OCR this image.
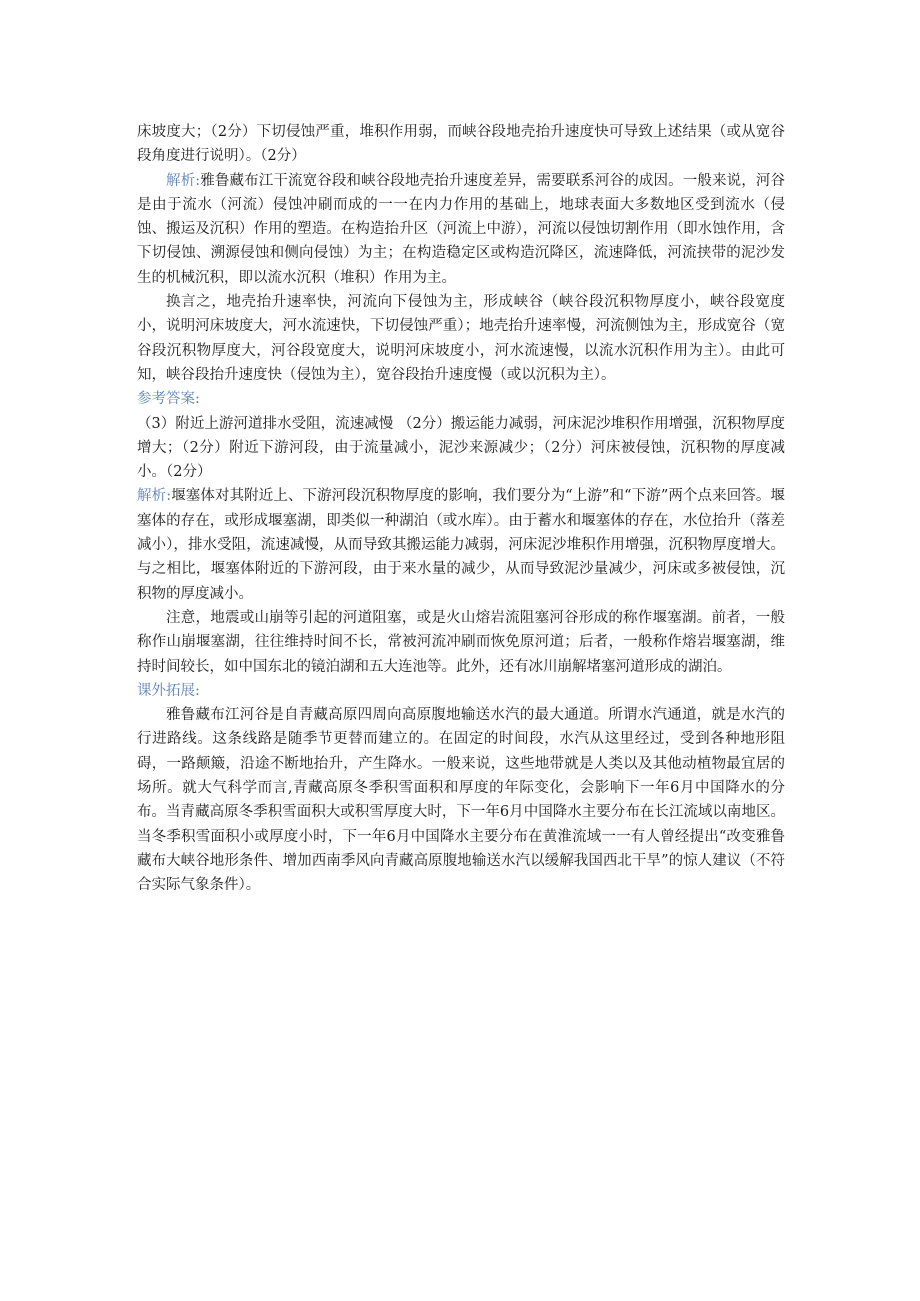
床坡度大；（2分）下切侵蚀严重，堆积作用弱，而峡谷段地壳抬升速度快可导致上述结果（或从宽谷段角度进行说明）。（2分）

解析:雅鲁藏布江干流宽谷段和峡谷段地壳抬升速度差异，需要联系河谷的成因。一般来说，河谷是由于流水（河流）侵蚀冲刷而成的一一在内力作用的基础上，地球表面大多数地区受到流水（侵蚀、搬运及沉积）作用的塑造。在构造抬升区（河流上中游），河流以侵蚀切割作用（即水蚀作用，含下切侵蚀、溯源侵蚀和侧向侵蚀）为主；在构造稳定区或构造沉降区，流速降低，河流挟带的泥沙发生的机械沉积，即以流水沉积（堆积）作用为主。

换言之，地壳抬升速率快，河流向下侵蚀为主，形成峡谷（峡谷段沉积物厚度小，峡谷段宽度小，说明河床坡度大，河水流速快，下切侵蚀严重）；地壳抬升速率慢，河流侧蚀为主，形成宽谷（宽谷段沉积物厚度大，河谷段宽度大，说明河床坡度小，河水流速慢，以流水沉积作用为主）。由此可知，峡谷段抬升速度快（侵蚀为主），宽谷段抬升速度慢（或以沉积为主）。

参考答案:

（3）附近上游河道排水受阻，流速减慢 （2分）搬运能力减弱，河床泥沙堆积作用增强，沉积物厚度增大；（2分）附近下游河段，由于流量减小，泥沙来源减少；（2分）河床被侵蚀，沉积物的厚度减小。（2分）

解析:堰塞体对其附近上、下游河段沉积物厚度的影响，我们要分为“上游”和“下游”两个点来回答。堰塞体的存在，或形成堰塞湖，即类似一种湖泊（或水库）。由于蓄水和堰塞体的存在，水位抬升（落差减小），排水受阻，流速减慢，从而导致其搬运能力减弱，河床泥沙堆积作用增强，沉积物厚度增大。与之相比，堰塞体附近的下游河段，由于来水量的减少，从而导致泥沙量减少，河床或多被侵蚀，沉积物的厚度减小。

注意，地震或山崩等引起的河道阻塞，或是火山熔岩流阻塞河谷形成的称作堰塞湖。前者，一般称作山崩堰塞湖，往往维持时间不长，常被河流冲刷而恢免原河道；后者，一般称作熔岩堰塞湖，维持时间较长，如中国东北的镜泊湖和五大连池等。此外，还有冰川崩解堵塞河道形成的湖泊。

课外拓展:

雅鲁藏布江河谷是自青藏高原四周向高原腹地输送水汽的最大通道。所谓水汽通道，就是水汽的行进路线。这条线路是随季节更替而建立的。在固定的时间段，水汽从这里经过，受到各种地形阻碍，一路颠簸，沿途不断地抬升，产生降水。一般来说，这些地带就是人类以及其他动植物最宜居的场所。就大气科学而言,青藏高原冬季积雪面积和厚度的年际变化，会影响下一年6月中国降水的分布。当青藏高原冬季积雪面积大或积雪厚度大时，下一年6月中国降水主要分布在长江流域以南地区。当冬季积雪面积小或厚度小时，下一年6月中国降水主要分布在黄淮流域一一有人曾经提出“改变雅鲁藏布大峡谷地形条件、增加西南季风向青藏高原腹地输送水汽以缓解我国西北干旱”的惊人建议（不符合实际气象条件）。
